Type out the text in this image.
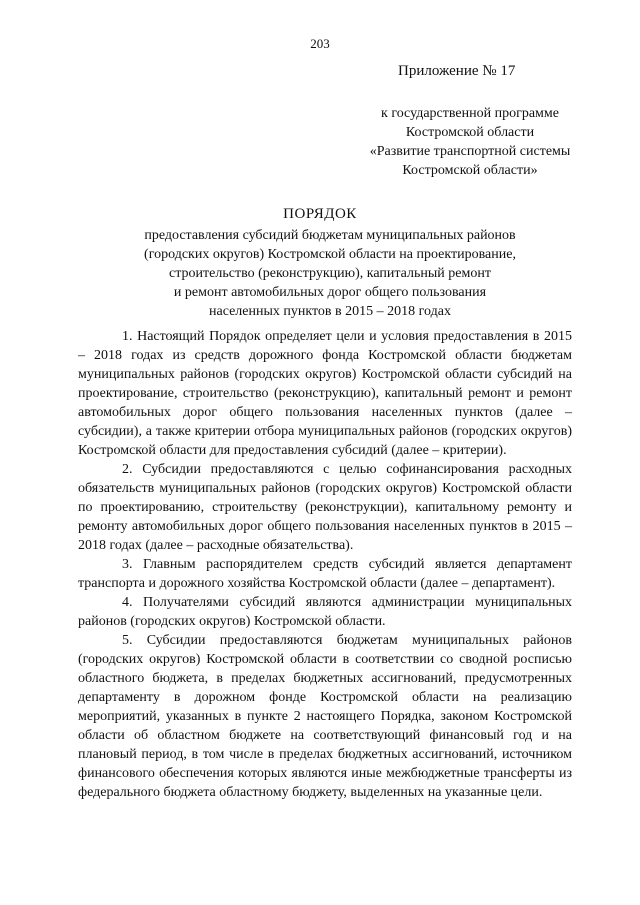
203
Приложение № 17
к государственной программе
Костромской области
«Развитие транспортной системы
Костромской области»
ПОРЯДОК
предоставления субсидий бюджетам муниципальных районов
(городских округов) Костромской области на проектирование,
строительство (реконструкцию), капитальный ремонт
и ремонт автомобильных дорог общего пользования
населенных пунктов в 2015 – 2018 годах

1. Настоящий Порядок определяет цели и условия предоставления в 2015 – 2018 годах из средств дорожного фонда Костромской области бюджетам муниципальных районов (городских округов) Костромской области субсидий на проектирование, строительство (реконструкцию), капитальный ремонт и ремонт автомобильных дорог общего пользования населенных пунктов (далее – субсидии), а также критерии отбора муниципальных районов (городских округов) Костромской области для предоставления субсидий (далее – критерии).

2. Субсидии предоставляются с целью софинансирования расходных обязательств муниципальных районов (городских округов) Костромской области по проектированию, строительству (реконструкции), капитальному ремонту и ремонту автомобильных дорог общего пользования населенных пунктов в 2015 – 2018 годах (далее – расходные обязательства).

3. Главным распорядителем средств субсидий является департамент транспорта и дорожного хозяйства Костромской области (далее – департамент).

4. Получателями субсидий являются администрации муниципальных районов (городских округов) Костромской области.

5. Субсидии предоставляются бюджетам муниципальных районов (городских округов) Костромской области в соответствии со сводной росписью областного бюджета, в пределах бюджетных ассигнований, предусмотренных департаменту в дорожном фонде Костромской области на реализацию мероприятий, указанных в пункте 2 настоящего Порядка, законом Костромской области об областном бюджете на соответствующий финансовый год и на плановый период, в том числе в пределах бюджетных ассигнований, источником финансового обеспечения которых являются иные межбюджетные трансферты из федерального бюджета областному бюджету, выделенных на указанные цели.
